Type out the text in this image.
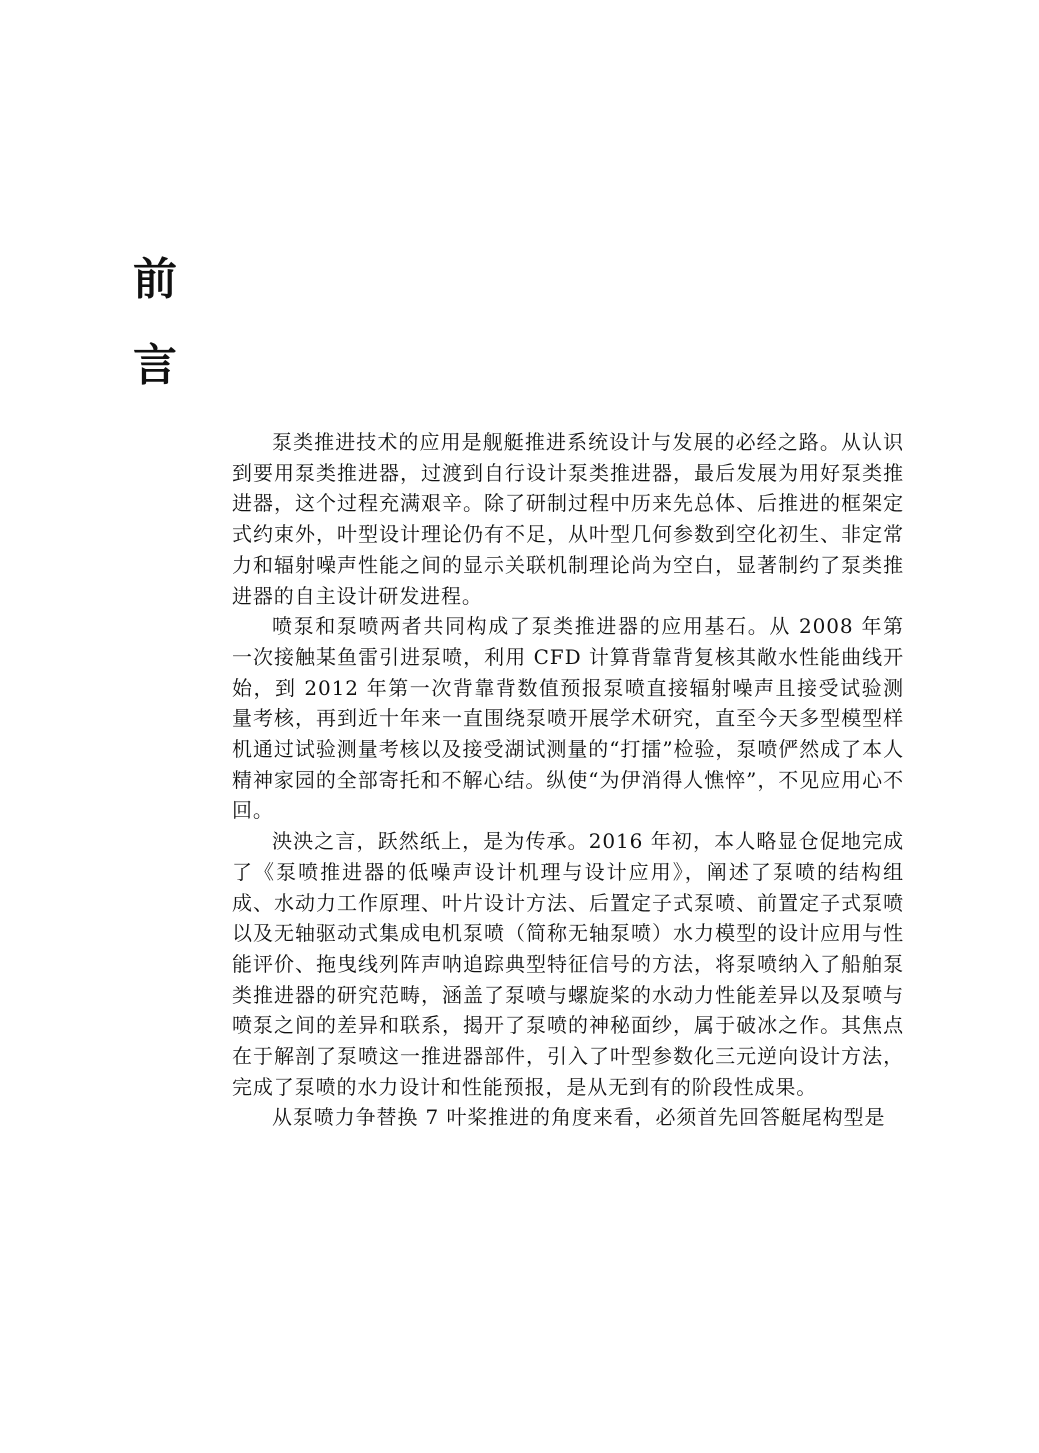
前
言

泵类推进技术的应用是舰艇推进系统设计与发展的必经之路。从认识到要用泵类推进器，过渡到自行设计泵类推进器，最后发展为用好泵类推进器，这个过程充满艰辛。除了研制过程中历来先总体、后推进的框架定式约束外，叶型设计理论仍有不足，从叶型几何参数到空化初生、非定常力和辐射噪声性能之间的显示关联机制理论尚为空白，显著制约了泵类推进器的自主设计研发进程。

喷泵和泵喷两者共同构成了泵类推进器的应用基石。从 2008 年第一次接触某鱼雷引进泵喷，利用 CFD 计算背靠背复核其敞水性能曲线开始，到 2012 年第一次背靠背数值预报泵喷直接辐射噪声且接受试验测量考核，再到近十年来一直围绕泵喷开展学术研究，直至今天多型模型样机通过试验测量考核以及接受湖试测量的“打擂”检验，泵喷俨然成了本人精神家园的全部寄托和不解心结。纵使“为伊消得人憔悴”，不见应用心不回。

泱泱之言，跃然纸上，是为传承。2016 年初，本人略显仓促地完成了《泵喷推进器的低噪声设计机理与设计应用》，阐述了泵喷的结构组成、水动力工作原理、叶片设计方法、后置定子式泵喷、前置定子式泵喷以及无轴驱动式集成电机泵喷（简称无轴泵喷）水力模型的设计应用与性能评价、拖曳线列阵声呐追踪典型特征信号的方法，将泵喷纳入了船舶泵类推进器的研究范畴，涵盖了泵喷与螺旋桨的水动力性能差异以及泵喷与喷泵之间的差异和联系，揭开了泵喷的神秘面纱，属于破冰之作。其焦点在于解剖了泵喷这一推进器部件，引入了叶型参数化三元逆向设计方法，完成了泵喷的水力设计和性能预报，是从无到有的阶段性成果。

从泵喷力争替换 7 叶桨推进的角度来看，必须首先回答艇尾构型是
